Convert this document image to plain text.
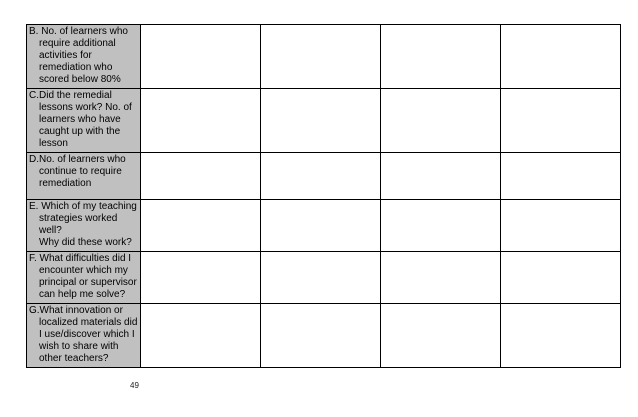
B. No. of learners who
require additional
activities for
remediation who
scored below 80%				

C.Did the remedial
lessons work? No. of
learners who have
caught up with the
lesson				

D.No. of learners who
continue to require
remediation				

E. Which of my teaching
strategies worked
well?
Why did these work?				

F. What difficulties did I
encounter which my
principal or supervisor
can help me solve?				

G.What innovation or
localized materials did
I use/discover which I
wish to share with
other teachers?				

49
